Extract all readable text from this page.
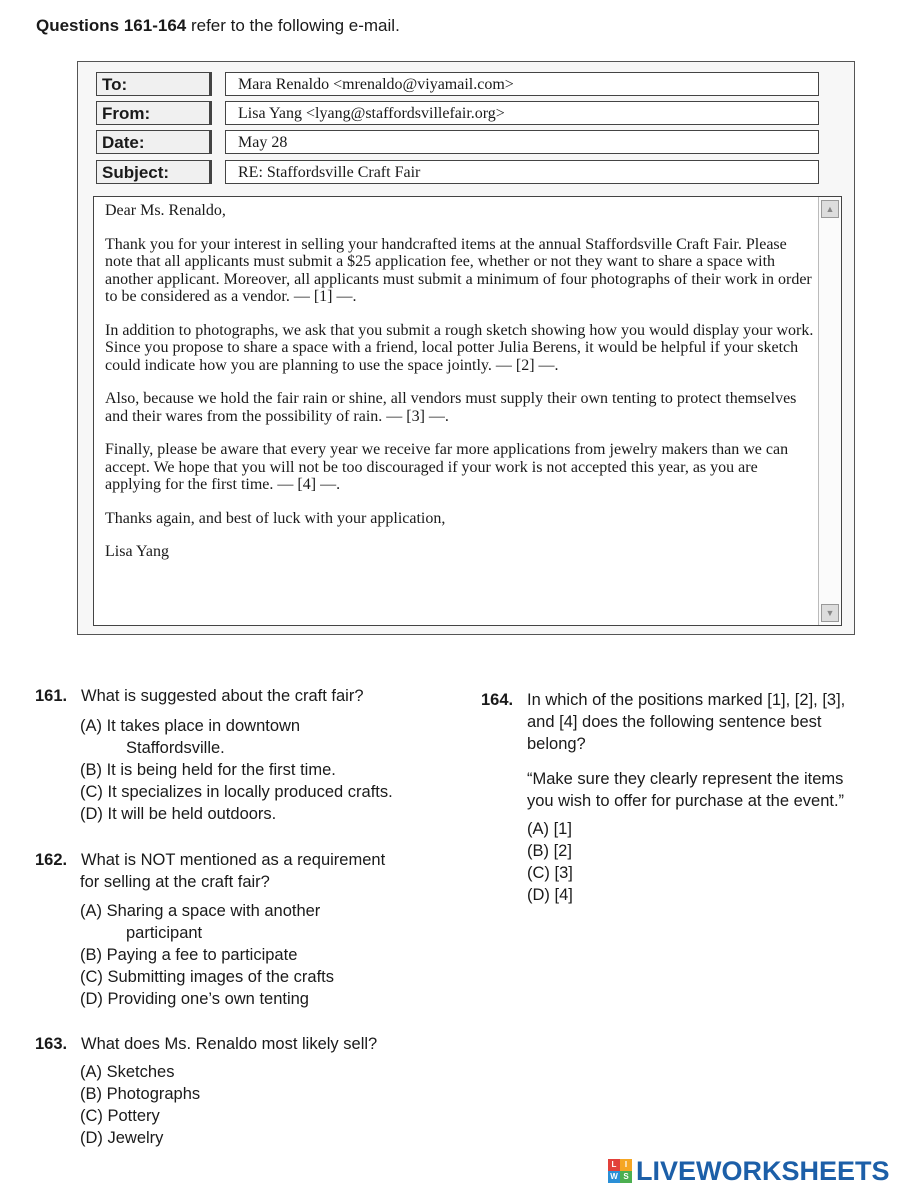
Questions 161-164 refer to the following e-mail.
To:	Mara Renaldo <mrenaldo@viyamail.com>
From:	Lisa Yang <lyang@staffordsvillefair.org>
Date:	May 28
Subject:	RE: Staffordsville Craft Fair

Dear Ms. Renaldo,

Thank you for your interest in selling your handcrafted items at the annual Staffordsville Craft Fair. Please note that all applicants must submit a $25 application fee, whether or not they want to share a space with another applicant. Moreover, all applicants must submit a minimum of four photographs of their work in order to be considered as a vendor. — [1] —.

In addition to photographs, we ask that you submit a rough sketch showing how you would display your work. Since you propose to share a space with a friend, local potter Julia Berens, it would be helpful if your sketch could indicate how you are planning to use the space jointly. — [2] —.

Also, because we hold the fair rain or shine, all vendors must supply their own tenting to protect themselves and their wares from the possibility of rain. — [3] —.

Finally, please be aware that every year we receive far more applications from jewelry makers than we can accept. We hope that you will not be too discouraged if your work is not accepted this year, as you are applying for the first time. — [4] —.

Thanks again, and best of luck with your application,

Lisa Yang

▲
▼
161. What is suggested about the craft fair?
(A) It takes place in downtown
Staffordsville.
(B) It is being held for the first time.
(C) It specializes in locally produced crafts.
(D) It will be held outdoors.
162. What is NOT mentioned as a requirement
for selling at the craft fair?
(A) Sharing a space with another
participant
(B) Paying a fee to participate
(C) Submitting images of the crafts
(D) Providing one’s own tenting
163. What does Ms. Renaldo most likely sell?
(A) Sketches
(B) Photographs
(C) Pottery
(D) Jewelry
164. In which of the positions marked [1], [2], [3],
and [4] does the following sentence best
belong?
“Make sure they clearly represent the items
you wish to offer for purchase at the event.”
(A) [1]
(B) [2]
(C) [3]
(D) [4]
L	I
W S LIVEWORKSHEETS
